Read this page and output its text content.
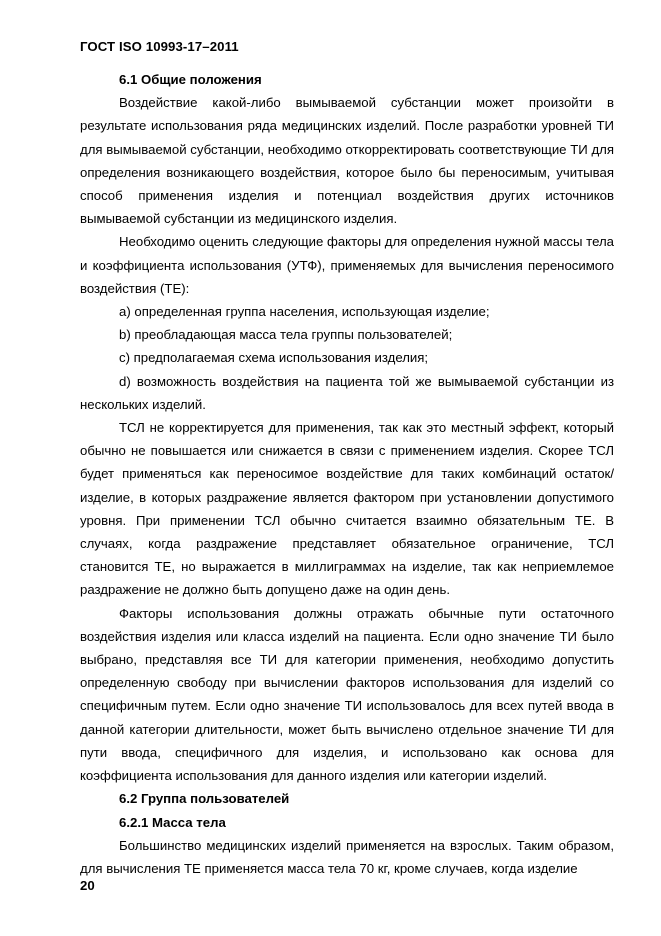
ГОСТ ISO 10993-17–2011

6.1 Общие положения

Воздействие какой-либо вымываемой субстанции может произойти в результате использования ряда медицинских изделий. После разработки уровней ТИ для вымываемой субстанции, необходимо откорректировать соответствующие ТИ для определения возникающего воздействия, которое было бы переносимым, учитывая способ применения изделия и потенциал воздействия других источников вымываемой субстанции из медицинского изделия.

Необходимо оценить следующие факторы для определения нужной массы тела и коэффициента использования (УТФ), применяемых для вычисления переносимого воздействия (ТЕ):

a) определенная группа населения, использующая изделие;

b) преобладающая масса тела группы пользователей;

c) предполагаемая схема использования изделия;

d) возможность воздействия на пациента той же вымываемой субстанции из нескольких изделий.

ТСЛ не корректируется для применения, так как это местный эффект, который обычно не повышается или снижается в связи с применением изделия. Скорее ТСЛ будет применяться как переносимое воздействие для таких комбинаций остаток/изделие, в которых раздражение является фактором при установлении допустимого уровня. При применении ТСЛ обычно считается взаимно обязательным ТЕ. В случаях, когда раздражение представляет обязательное ограничение, ТСЛ становится ТЕ, но выражается в миллиграммах на изделие, так как неприемлемое раздражение не должно быть допущено даже на один день.

Факторы использования должны отражать обычные пути остаточного воздействия изделия или класса изделий на пациента. Если одно значение ТИ было выбрано, представляя все ТИ для категории применения, необходимо допустить определенную свободу при вычислении факторов использования для изделий со специфичным путем. Если одно значение ТИ использовалось для всех путей ввода в данной категории длительности, может быть вычислено отдельное значение ТИ для пути ввода, специфичного для изделия, и использовано как основа для коэффициента использования для данного изделия или категории изделий.

6.2 Группа пользователей

6.2.1 Масса тела

Большинство медицинских изделий применяется на взрослых. Таким образом, для вычисления ТЕ применяется масса тела 70 кг, кроме случаев, когда изделие

20
